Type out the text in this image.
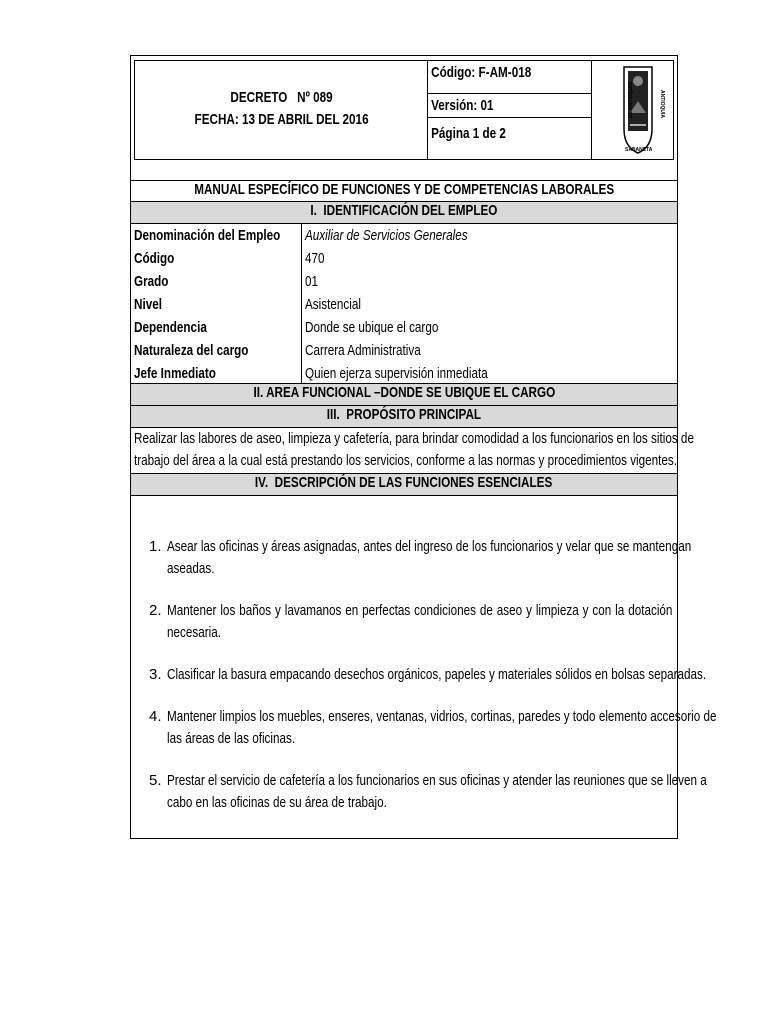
DECRETO   Nº 089
FECHA: 13 DE ABRIL DEL 2016
Código: F-AM-018
Versión: 01
Página 1 de 2
DE ANTIOQUIA	ANTIOQUIA
SABANETA
MANUAL ESPECÍFICO DE FUNCIONES Y DE COMPETENCIAS LABORALES
I.  IDENTIFICACIÓN DEL EMPLEO
Denominación del Empleo	Auxiliar de Servicios Generales
Código	470
Grado	01
Nivel	Asistencial
Dependencia	Donde se ubique el cargo
Naturaleza del cargo	Carrera Administrativa
Jefe Inmediato	Quien ejerza supervisión inmediata
II. AREA FUNCIONAL –DONDE SE UBIQUE EL CARGO
III.  PROPÓSITO PRINCIPAL
Realizar las labores de aseo, limpieza y cafetería, para brindar comodidad a los funcionarios en los sitios de
trabajo del área a la cual está prestando los servicios, conforme a las normas y procedimientos vigentes.
IV.  DESCRIPCIÓN DE LAS FUNCIONES ESENCIALES
1. Asear las oficinas y áreas asignadas, antes del ingreso de los funcionarios y velar que se mantengan
aseadas.
2. Mantener los baños y lavamanos en perfectas condiciones de aseo y limpieza y con la dotación
necesaria.
3. Clasificar la basura empacando desechos orgánicos, papeles y materiales sólidos en bolsas separadas.
4. Mantener limpios los muebles, enseres, ventanas, vidrios, cortinas, paredes y todo elemento accesorio de
las áreas de las oficinas.
5. Prestar el servicio de cafetería a los funcionarios en sus oficinas y atender las reuniones que se lleven a
cabo en las oficinas de su área de trabajo.
